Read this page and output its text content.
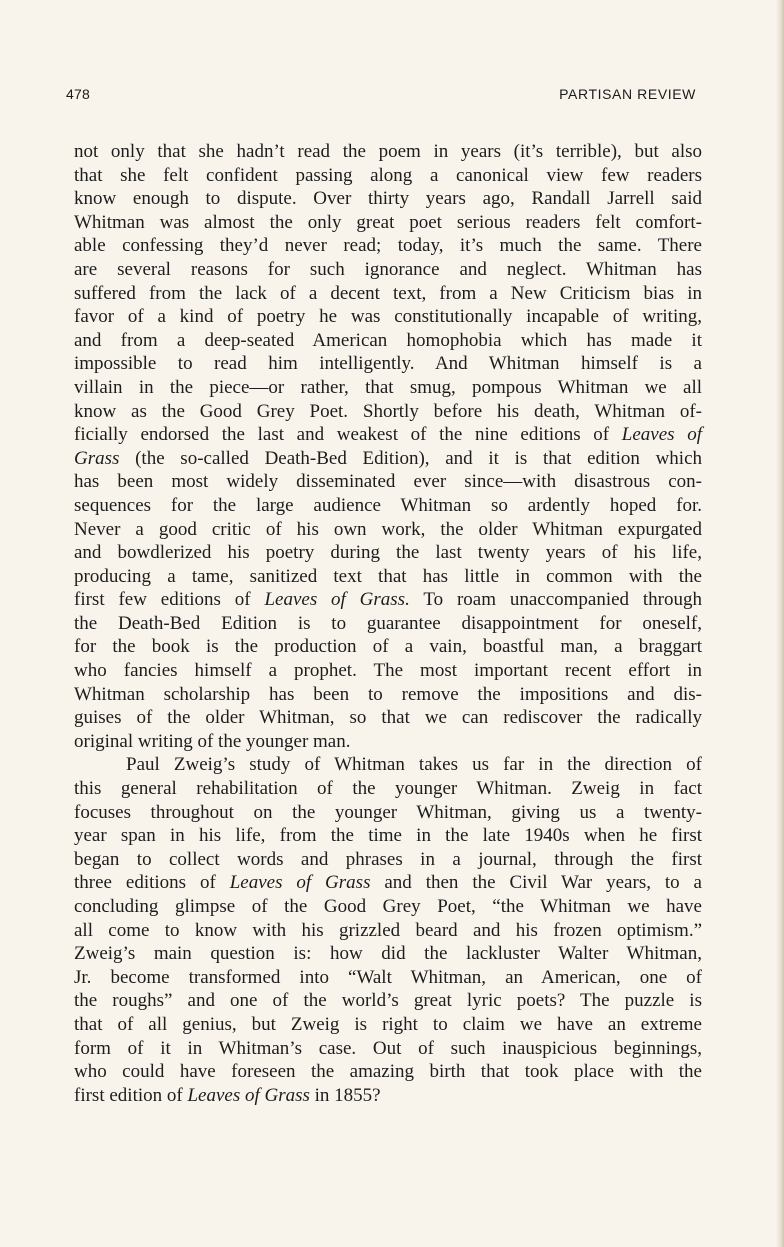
478	PARTISAN REVIEW
not only that she hadn’t read the poem in years (it’s terrible), but also
that she felt confident passing along a canonical view few readers
know enough to dispute. Over thirty years ago, Randall Jarrell said
Whitman was almost the only great poet serious readers felt comfort-
able confessing they’d never read; today, it’s much the same. There
are several reasons for such ignorance and neglect. Whitman has
suffered from the lack of a decent text, from a New Criticism bias in
favor of a kind of poetry he was constitutionally incapable of writing,
and from a deep-seated American homophobia which has made it
impossible to read him intelligently. And Whitman himself is a
villain in the piece—or rather, that smug, pompous Whitman we all
know as the Good Grey Poet. Shortly before his death, Whitman of-
ficially endorsed the last and weakest of the nine editions of Leaves of
Grass (the so-called Death-Bed Edition), and it is that edition which
has been most widely disseminated ever since—with disastrous con-
sequences for the large audience Whitman so ardently hoped for.
Never a good critic of his own work, the older Whitman expurgated
and bowdlerized his poetry during the last twenty years of his life,
producing a tame, sanitized text that has little in common with the
first few editions of Leaves of Grass. To roam unaccompanied through
the Death-Bed Edition is to guarantee disappointment for oneself,
for the book is the production of a vain, boastful man, a braggart
who fancies himself a prophet. The most important recent effort in
Whitman scholarship has been to remove the impositions and dis-
guises of the older Whitman, so that we can rediscover the radically
original writing of the younger man.
Paul Zweig’s study of Whitman takes us far in the direction of
this general rehabilitation of the younger Whitman. Zweig in fact
focuses throughout on the younger Whitman, giving us a twenty-
year span in his life, from the time in the late 1940s when he first
began to collect words and phrases in a journal, through the first
three editions of Leaves of Grass and then the Civil War years, to a
concluding glimpse of the Good Grey Poet, “the Whitman we have
all come to know with his grizzled beard and his frozen optimism.”
Zweig’s main question is: how did the lackluster Walter Whitman,
Jr. become transformed into “Walt Whitman, an American, one of
the roughs” and one of the world’s great lyric poets? The puzzle is
that of all genius, but Zweig is right to claim we have an extreme
form of it in Whitman’s case. Out of such inauspicious beginnings,
who could have foreseen the amazing birth that took place with the
first edition of Leaves of Grass in 1855?
